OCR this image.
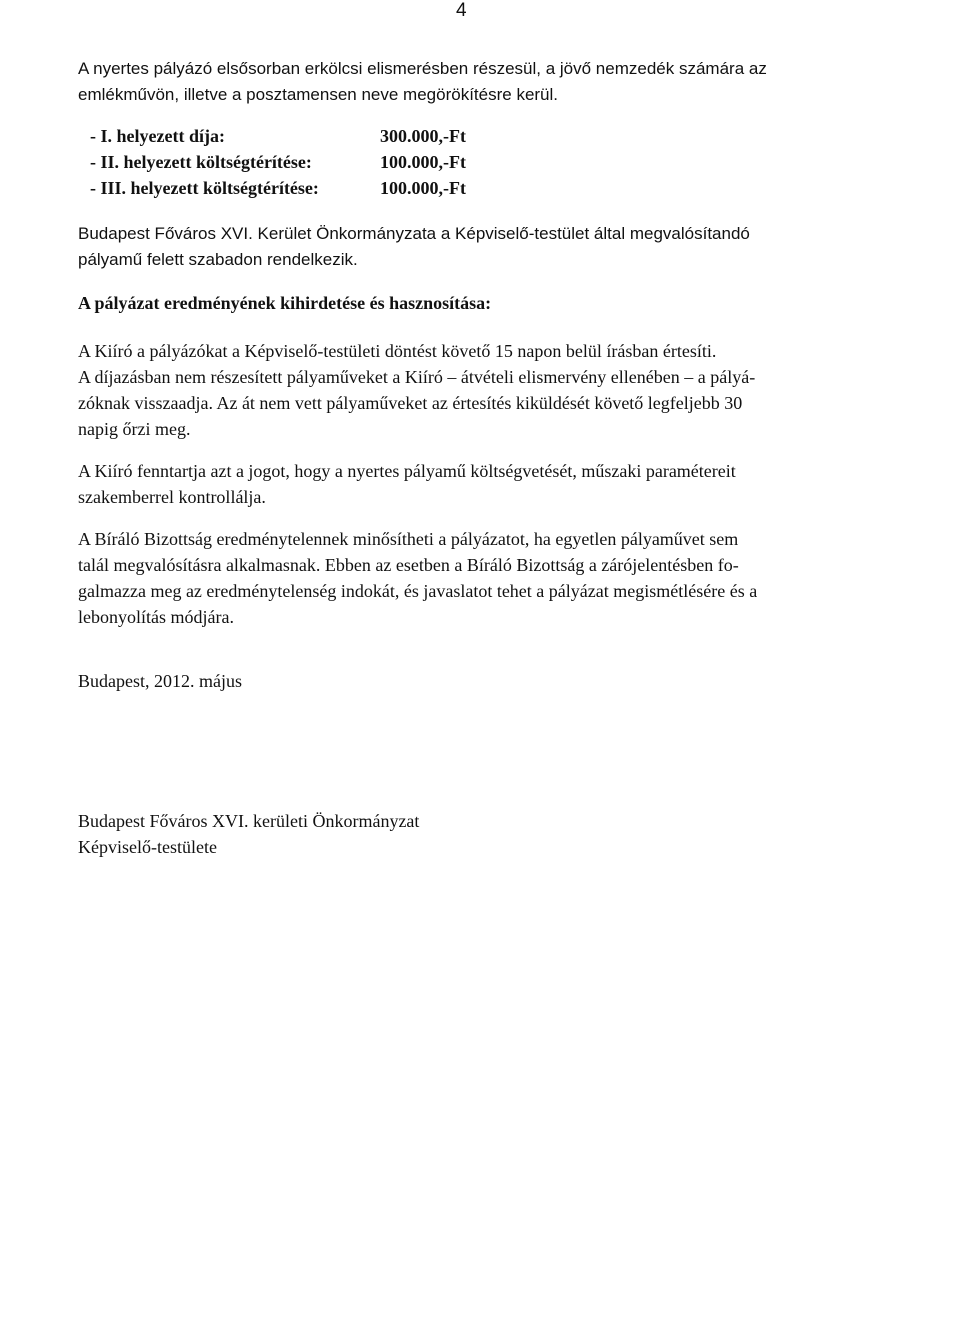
4
A nyertes pályázó elsősorban erkölcsi elismerésben részesül, a jövő nemzedék számára az
emlékművön, illetve a posztamensen neve megörökítésre kerül.
- I. helyezett díja:	300.000,-Ft
- II. helyezett költségtérítése:	100.000,-Ft
- III. helyezett költségtérítése:	100.000,-Ft
Budapest Főváros XVI. Kerület Önkormányzata a Képviselő-testület által megvalósítandó
pályamű felett szabadon rendelkezik.
A pályázat eredményének kihirdetése és hasznosítása:
A Kiíró a pályázókat a Képviselő-testületi döntést követő 15 napon belül írásban értesíti.
A díjazásban nem részesített pályaműveket a Kiíró – átvételi elismervény ellenében – a pályá-
zóknak visszaadja. Az át nem vett pályaműveket az értesítés kiküldését követő legfeljebb 30
napig őrzi meg.
A Kiíró fenntartja azt a jogot, hogy a nyertes pályamű költségvetését, műszaki paramétereit
szakemberrel kontrollálja.
A Bíráló Bizottság eredménytelennek minősítheti a pályázatot, ha egyetlen pályaművet sem
talál megvalósításra alkalmasnak. Ebben az esetben a Bíráló Bizottság a zárójelentésben fo-
galmazza meg az eredménytelenség indokát, és javaslatot tehet a pályázat megismétlésére és a
lebonyolítás módjára.
Budapest, 2012. május
Budapest Főváros XVI. kerületi Önkormányzat
Képviselő-testülete
